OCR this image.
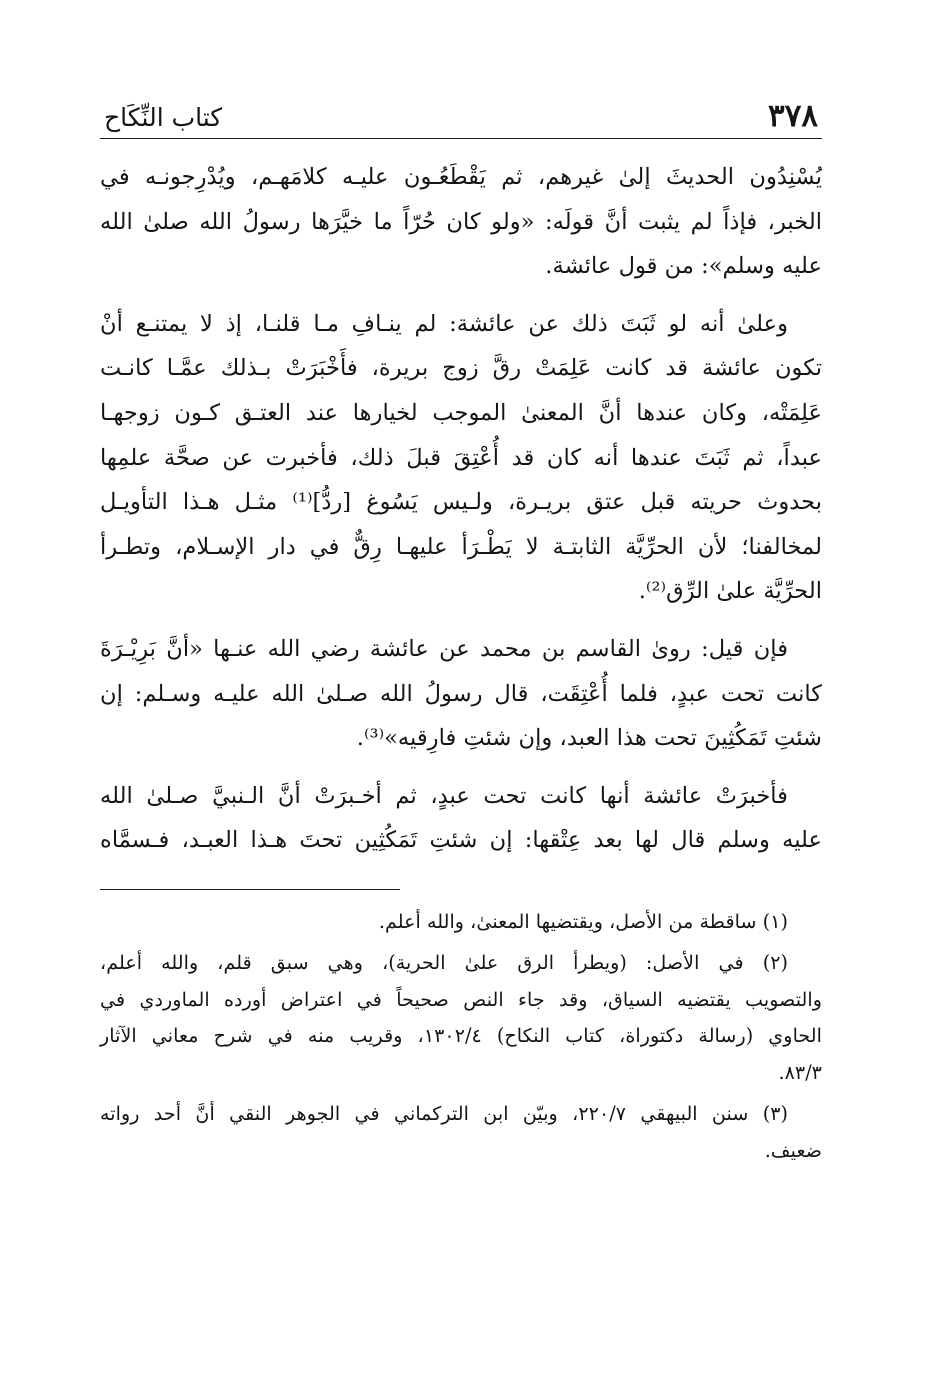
٣٧٨
كتاب النِّكَاح

يُسْنِدُون الحديثَ إلىٰ غيرهم، ثم يَقْطَعُـون عليـه كلامَهـم، ويُدْرِجونـه في
الخبر، فإذاً لم يثبت أنَّ قولَه: «ولو كان حُرّاً ما خيَّرَها رسولُ الله صلىٰ الله
عليه وسلم»: من قول عائشة.

وعلىٰ أنه لو ثَبَتَ ذلك عن عائشة: لم ينـافِ مـا قلنـا، إذ لا يمتنـع أنْ
تكون عائشة قد كانت عَلِمَتْ رقَّ زوج بريرة، فأَخْبَرَتْ بـذلك عمَّـا كانـت
عَلِمَتْه، وكان عندها أنَّ المعنىٰ الموجب لخيارها عند العتـق كـون زوجهـا
عبداً، ثم ثَبَتَ عندها أنه كان قد أُعْتِقَ قبلَ ذلك، فأخبرت عن صحَّة علمِها
بحدوث حريته قبل عتق بريـرة، ولـيس يَسُوغ [ردُّ]⁽¹⁾ مثـل هـذا التأويـل
لمخالفنا؛ لأن الحرِّيَّة الثابتـة لا يَطْـرَأ عليهـا رِقٌّ في دار الإسـلام، وتطـرأ
الحرِّيَّة علىٰ الرِّق⁽²⁾.

فإن قيل: روىٰ القاسم بن محمد عن عائشة رضي الله عنـها «أنَّ بَرِيْـرَةَ
كانت تحت عبدٍ، فلما أُعْتِقَت، قال رسولُ الله صـلىٰ الله عليـه وسـلم: إن
شئتِ تَمَكُثِينَ تحت هذا العبد، وإن شئتِ فارِقيه»⁽³⁾.

فأخبرَتْ عائشة أنها كانت تحت عبدٍ، ثم أخـبرَتْ أنَّ الـنبيَّ صـلىٰ الله
عليه وسلم قال لها بعد عِتْقها: إن شئتِ تَمَكُثِين تحتَ هـذا العبـد، فـسمَّاه

(١) ساقطة من الأصل، ويقتضيها المعنىٰ، والله أعلم.
(٢) في الأصل: (ويطرأ الرق علىٰ الحرية)، وهي سبق قلم، والله أعلم،
والتصويب يقتضيه السياق، وقد جاء النص صحيحاً في اعتراض أورده الماوردي في
الحاوي (رسالة دكتوراة، كتاب النكاح) ١٣٠٢/٤، وقريب منه في شرح معاني الآثار
٨٣/٣.
(٣) سنن البيهقي ٢٢٠/٧، وبيّن ابن التركماني في الجوهر النقي أنَّ أحد رواته
ضعيف.
